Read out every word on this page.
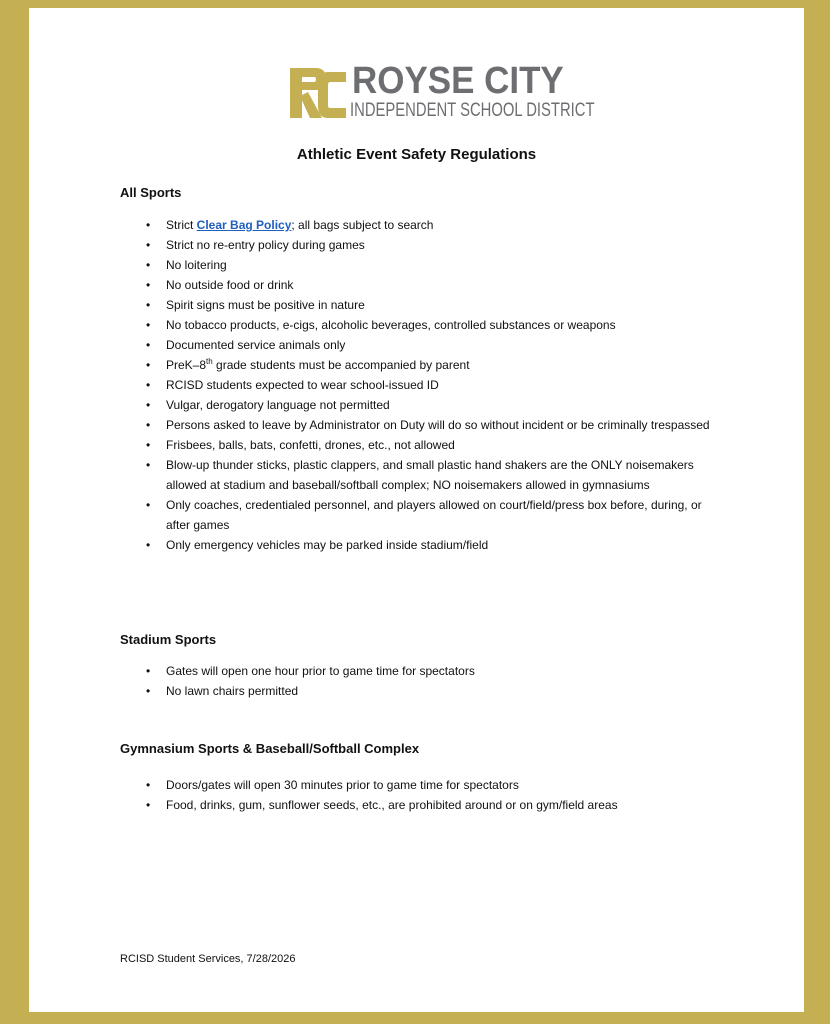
ROYSE CITY
INDEPENDENT SCHOOL DISTRICT
Athletic Event Safety Regulations
All Sports
• Strict Clear Bag Policy; all bags subject to search
• Strict no re-entry policy during games
• No loitering
• No outside food or drink
• Spirit signs must be positive in nature
• No tobacco products, e-cigs, alcoholic beverages, controlled substances or weapons
• Documented service animals only
• PreK–8th grade students must be accompanied by parent
• RCISD students expected to wear school-issued ID
• Vulgar, derogatory language not permitted
• Persons asked to leave by Administrator on Duty will do so without incident or be criminally trespassed
• Frisbees, balls, bats, confetti, drones, etc., not allowed
• Blow-up thunder sticks, plastic clappers, and small plastic hand shakers are the ONLY noisemakers allowed at stadium and baseball/softball complex; NO noisemakers allowed in gymnasiums
• Only coaches, credentialed personnel, and players allowed on court/field/press box before, during, or after games
• Only emergency vehicles may be parked inside stadium/field
Stadium Sports
• Gates will open one hour prior to game time for spectators
• No lawn chairs permitted
Gymnasium Sports & Baseball/Softball Complex
• Doors/gates will open 30 minutes prior to game time for spectators
• Food, drinks, gum, sunflower seeds, etc., are prohibited around or on gym/field areas
RCISD Student Services, 7/28/2026
